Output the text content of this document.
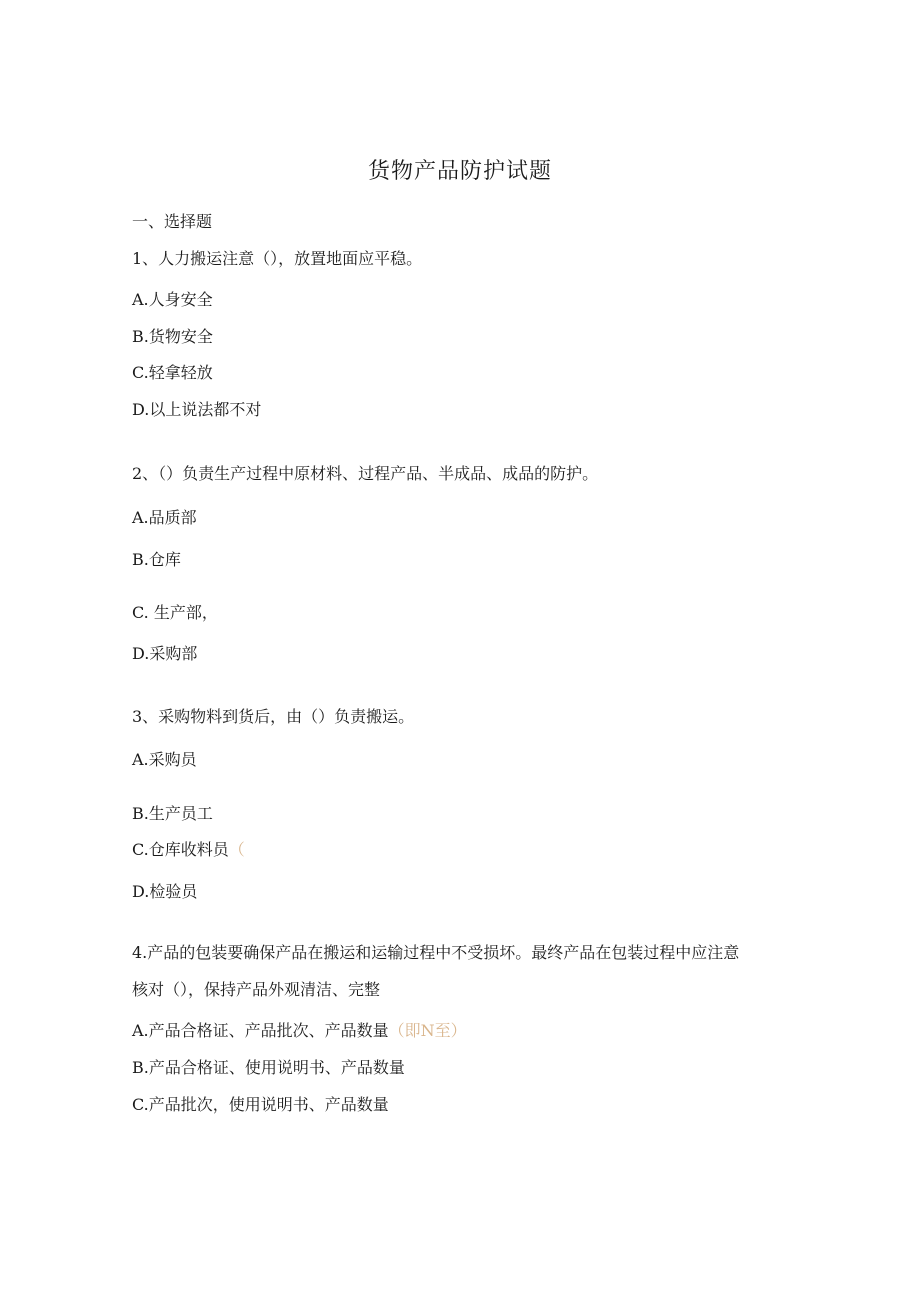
货物产品防护试题
一、选择题
1、人力搬运注意（），放置地面应平稳。
A.人身安全
B.货物安全
C.轻拿轻放
D.以上说法都不对
2、（）负责生产过程中原材料、过程产品、半成品、成品的防护。
A.品质部
B.仓库
C. 生产部，
D.采购部
3、采购物料到货后，由（）负责搬运。
A.采购员
B.生产员工
C.仓库收料员（
D.检验员
4.产品的包装要确保产品在搬运和运输过程中不受损坏。最终产品在包装过程中应注意
核对（），保持产品外观清洁、完整
A.产品合格证、产品批次、产品数量（即N至）
B.产品合格证、使用说明书、产品数量
C.产品批次，使用说明书、产品数量
